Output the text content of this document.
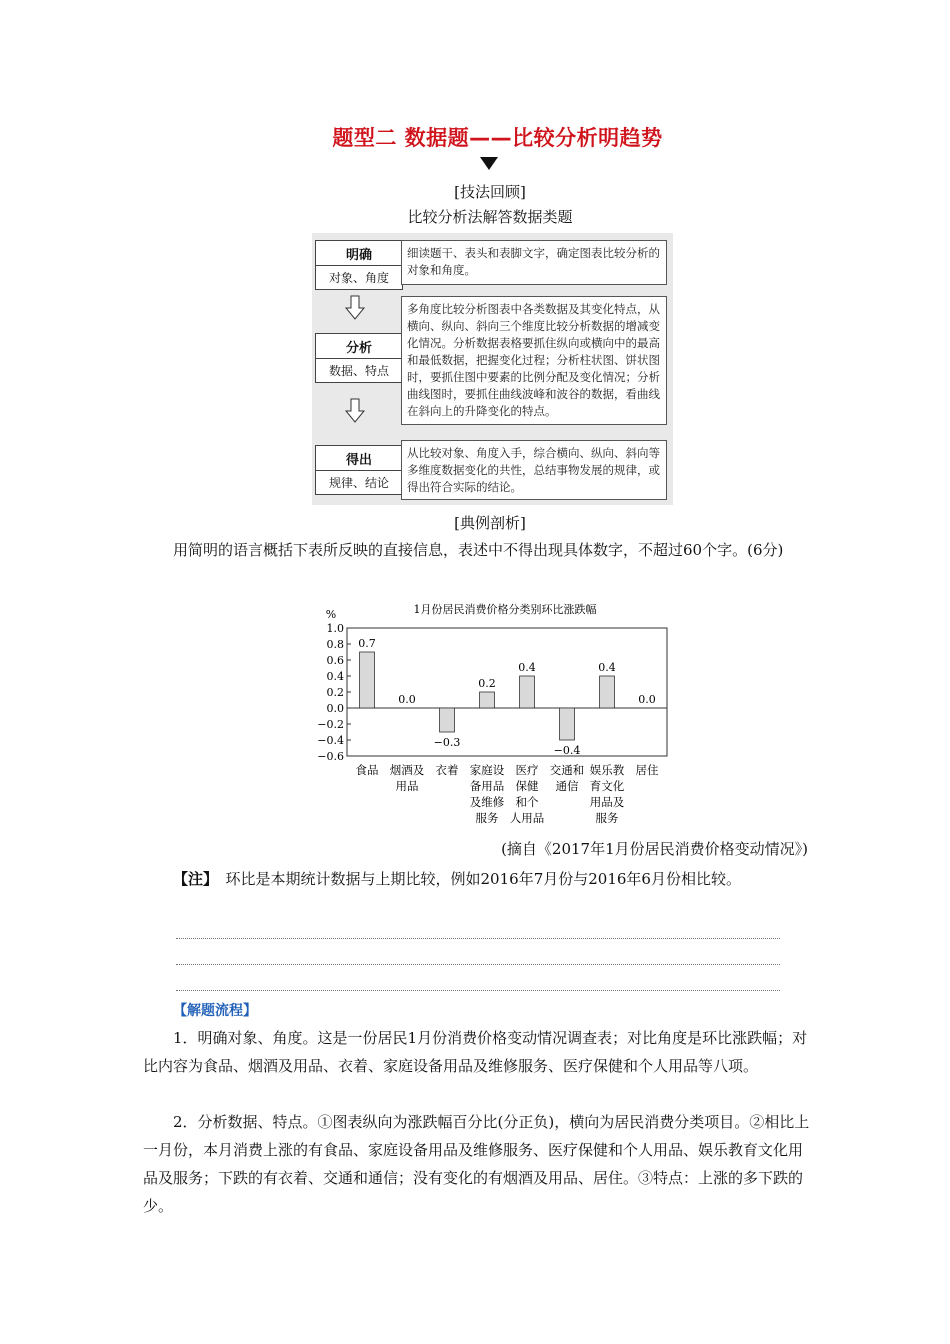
题型二 数据题——比较分析明趋势
[技法回顾]
比较分析法解答数据类题
明确
对象、角度
细读题干、表头和表脚文字，确定图表比较分析的对象和角度。
分析
数据、特点
多角度比较分析图表中各类数据及其变化特点，从横向、纵向、斜向三个维度比较分析数据的增减变化情况。分析数据表格要抓住纵向或横向中的最高和最低数据，把握变化过程；分析柱状图、饼状图时，要抓住图中要素的比例分配及变化情况；分析曲线图时，要抓住曲线波峰和波谷的数据，看曲线在斜向上的升降变化的特点。
得出
规律、结论
从比较对象、角度入手，综合横向、纵向、斜向等多维度数据变化的共性，总结事物发展的规律，或得出符合实际的结论。
[典例剖析]
用简明的语言概括下表所反映的直接信息，表述中不得出现具体数字，不超过60个字。(6分)
1月份居民消费价格分类别环比涨跌幅
%
1.0
0.8
0.6
0.4
0.2
0.0
−0.2
−0.4
−0.6
0.7
食品
0.0
烟酒及
用品
−0.3
衣着
0.2
家庭设
备用品
及维修
服务
0.4
医疗
保健
和个
人用品
−0.4
交通和
通信
0.4
娱乐教
育文化
用品及
服务
0.0
居住
(摘自《2017年1月份居民消费价格变动情况》)
【注】　环比是本期统计数据与上期比较，例如2016年7月份与2016年6月份相比较。
【解题流程】
1．明确对象、角度。这是一份居民1月份消费价格变动情况调查表；对比角度是环比涨跌幅；对比内容为食品、烟酒及用品、衣着、家庭设备用品及维修服务、医疗保健和个人用品等八项。
2．分析数据、特点。①图表纵向为涨跌幅百分比(分正负)，横向为居民消费分类项目。②相比上一月份，本月消费上涨的有食品、家庭设备用品及维修服务、医疗保健和个人用品、娱乐教育文化用品及服务；下跌的有衣着、交通和通信；没有变化的有烟酒及用品、居住。③特点：上涨的多下跌的少。
